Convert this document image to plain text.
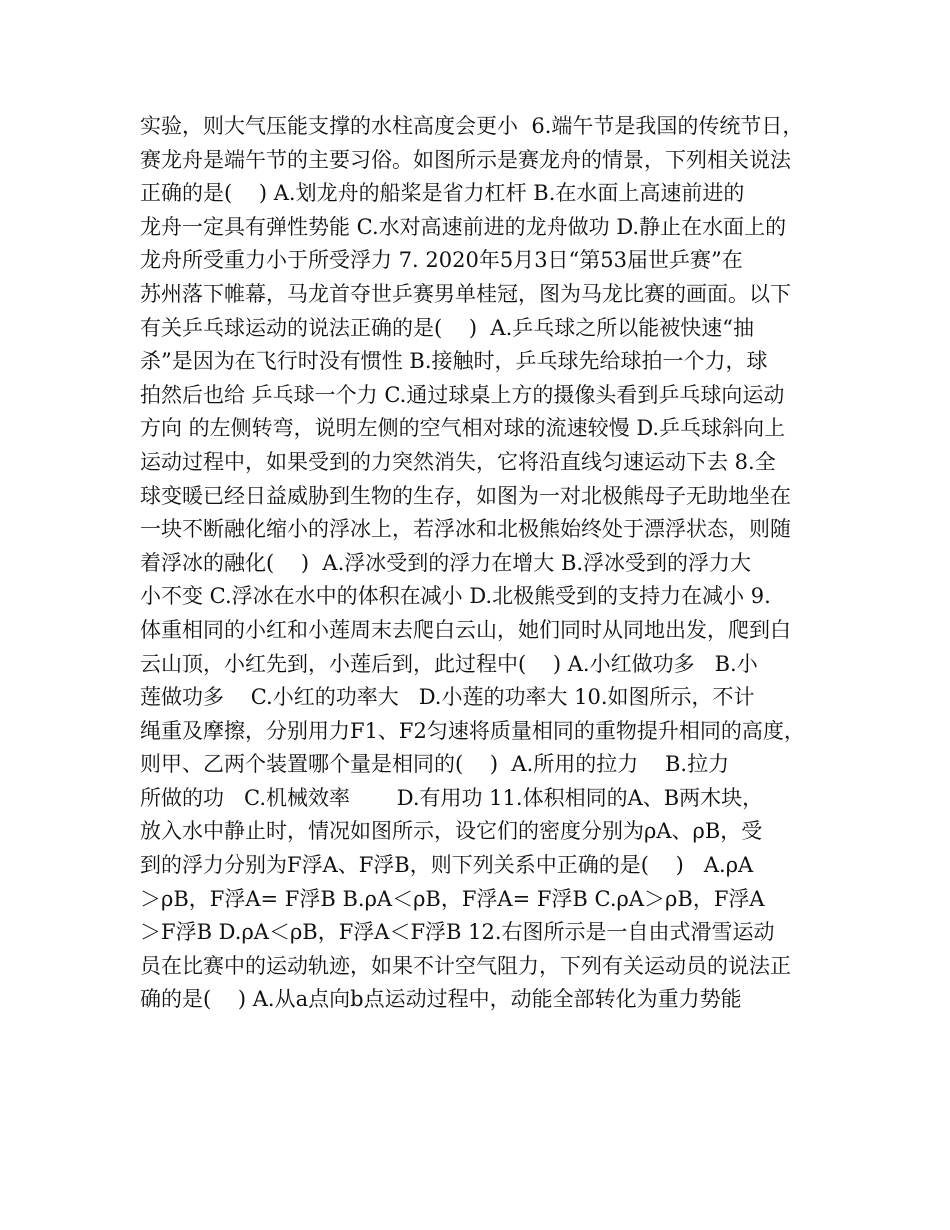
实验，则大气压能支撑的水柱高度会更小  6.端午节是我国的传统节日，
赛龙舟是端午节的主要习俗。如图所示是赛龙舟的情景，下列相关说法
正确的是(    ) A.划龙舟的船桨是省力杠杆 B.在水面上高速前进的
龙舟一定具有弹性势能 C.水对高速前进的龙舟做功 D.静止在水面上的
龙舟所受重力小于所受浮力 7. 2020年5月3日“第53届世乒赛”在
苏州落下帷幕，马龙首夺世乒赛男单桂冠，图为马龙比赛的画面。以下
有关乒乓球运动的说法正确的是(    )  A.乒乓球之所以能被快速“抽
杀”是因为在飞行时没有惯性 B.接触时，乒乓球先给球拍一个力，球
拍然后也给 乒乓球一个力 C.通过球桌上方的摄像头看到乒乓球向运动
方向 的左侧转弯，说明左侧的空气相对球的流速较慢 D.乒乓球斜向上
运动过程中，如果受到的力突然消失，它将沿直线匀速运动下去 8.全
球变暖已经日益威胁到生物的生存，如图为一对北极熊母子无助地坐在
一块不断融化缩小的浮冰上，若浮冰和北极熊始终处于漂浮状态，则随
着浮冰的融化(    )  A.浮冰受到的浮力在增大 B.浮冰受到的浮力大
小不变 C.浮冰在水中的体积在减小 D.北极熊受到的支持力在减小 9.
体重相同的小红和小莲周末去爬白云山，她们同时从同地出发，爬到白
云山顶，小红先到，小莲后到，此过程中(    ) A.小红做功多   B.小
莲做功多    C.小红的功率大   D.小莲的功率大 10.如图所示，不计
绳重及摩擦，分别用力F1、F2匀速将质量相同的重物提升相同的高度，
则甲、乙两个装置哪个量是相同的(    )  A.所用的拉力    B.拉力
所做的功   C.机械效率       D.有用功 11.体积相同的A、B两木块，
放入水中静止时，情况如图所示，设它们的密度分别为ρA、ρB，受
到的浮力分别为F浮A、F浮B，则下列关系中正确的是(    )   A.ρA
＞ρB，F浮A= F浮B B.ρA＜ρB，F浮A= F浮B C.ρA＞ρB，F浮A
＞F浮B D.ρA＜ρB，F浮A＜F浮B 12.右图所示是一自由式滑雪运动
员在比赛中的运动轨迹，如果不计空气阻力，下列有关运动员的说法正
确的是(    ) A.从a点向b点运动过程中，动能全部转化为重力势能
